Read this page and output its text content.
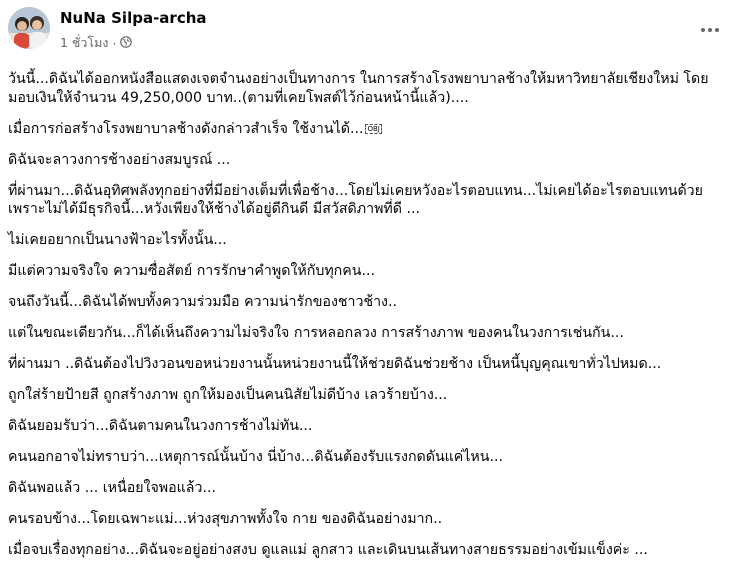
NuNa Silpa-archa
1 ชั่วโมง ·

วันนี้...ดิฉันได้ออกหนังสือแสดงเจตจำนงอย่างเป็นทางการ ในการสร้างโรงพยาบาลช้างให้มหาวิทยาลัยเชียงใหม่ โดยมอบเงินให้จำนวน 49,250,000 บาท..(ตามที่เคยโพสต์ไว้ก่อนหน้านี้แล้ว)....

เมื่อการก่อสร้างโรงพยาบาลช้างดังกล่าวสำเร็จ ใช้งานได้... OBJ

ดิฉันจะลาวงการช้างอย่างสมบูรณ์ ...

ที่ผ่านมา...ดิฉันอุทิศพลังทุกอย่างที่มีอย่างเต็มที่เพื่อช้าง...โดยไม่เคยหวังอะไรตอบแทน...ไม่เคยได้อะไรตอบแทนด้วย เพราะไม่ได้มีธุรกิจนี้...หวังเพียงให้ช้างได้อยู่ดีกินดี มีสวัสดิภาพที่ดี ...

ไม่เคยอยากเป็นนางฟ้าอะไรทั้งนั้น...

มีแต่ความจริงใจ ความซื่อสัตย์ การรักษาคำพูดให้กับทุกคน...

จนถึงวันนี้...ดิฉันได้พบทั้งความร่วมมือ ความน่ารักของชาวช้าง..

แต่ในขณะเดียวกัน...ก็ได้เห็นถึงความไม่จริงใจ การหลอกลวง การสร้างภาพ ของคนในวงการเช่นกัน...

ที่ผ่านมา ..ดิฉันต้องไปวิงวอนขอหน่วยงานนั้นหน่วยงานนี้ให้ช่วยดิฉันช่วยช้าง เป็นหนี้บุญคุณเขาทั่วไปหมด...

ถูกใส่ร้ายป้ายสี ถูกสร้างภาพ ถูกให้มองเป็นคนนิสัยไม่ดีบ้าง เลวร้ายบ้าง...

ดิฉันยอมรับว่า...ดิฉันตามคนในวงการช้างไม่ทัน...

คนนอกอาจไม่ทราบว่า...เหตุการณ์นั้นบ้าง นี่บ้าง...ดิฉันต้องรับแรงกดดันแค่ไหน...

ดิฉันพอแล้ว ... เหนื่อยใจพอแล้ว...

คนรอบข้าง...โดยเฉพาะแม่...ห่วงสุขภาพทั้งใจ กาย ของดิฉันอย่างมาก..

เมื่อจบเรื่องทุกอย่าง...ดิฉันจะอยู่อย่างสงบ ดูแลแม่ ลูกสาว และเดินบนเส้นทางสายธรรมอย่างเข้มแข็งค่ะ ...
